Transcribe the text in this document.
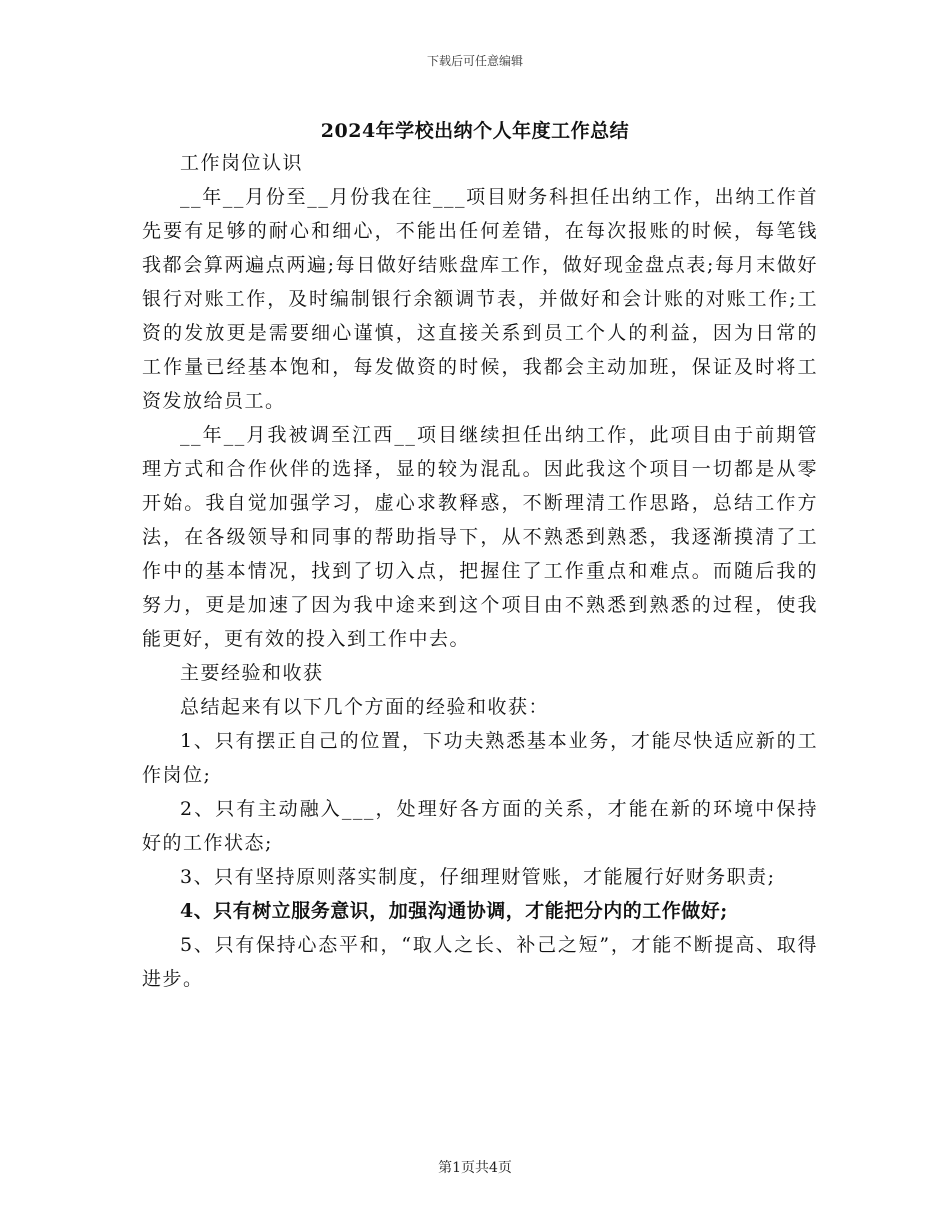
下载后可任意编辑
2024年学校出纳个人年度工作总结

工作岗位认识

__年__月份至__月份我在往___项目财务科担任出纳工作，出纳工作首先要有足够的耐心和细心，不能出任何差错，在每次报账的时候，每笔钱我都会算两遍点两遍;每日做好结账盘库工作，做好现金盘点表;每月末做好银行对账工作，及时编制银行余额调节表，并做好和会计账的对账工作;工资的发放更是需要细心谨慎，这直接关系到员工个人的利益，因为日常的工作量已经基本饱和，每发做资的时候，我都会主动加班，保证及时将工资发放给员工。

__年__月我被调至江西__项目继续担任出纳工作，此项目由于前期管理方式和合作伙伴的选择，显的较为混乱。因此我这个项目一切都是从零开始。我自觉加强学习，虚心求教释惑，不断理清工作思路，总结工作方法，在各级领导和同事的帮助指导下，从不熟悉到熟悉，我逐渐摸清了工作中的基本情况，找到了切入点，把握住了工作重点和难点。而随后我的努力，更是加速了因为我中途来到这个项目由不熟悉到熟悉的过程，使我能更好，更有效的投入到工作中去。

主要经验和收获

总结起来有以下几个方面的经验和收获：

1、只有摆正自己的位置，下功夫熟悉基本业务，才能尽快适应新的工作岗位;

2、只有主动融入___，处理好各方面的关系，才能在新的环境中保持好的工作状态;

3、只有坚持原则落实制度，仔细理财管账，才能履行好财务职责;

4、只有树立服务意识，加强沟通协调，才能把分内的工作做好;

5、只有保持心态平和，“取人之长、补己之短”，才能不断提高、取得进步。

第1页共4页
